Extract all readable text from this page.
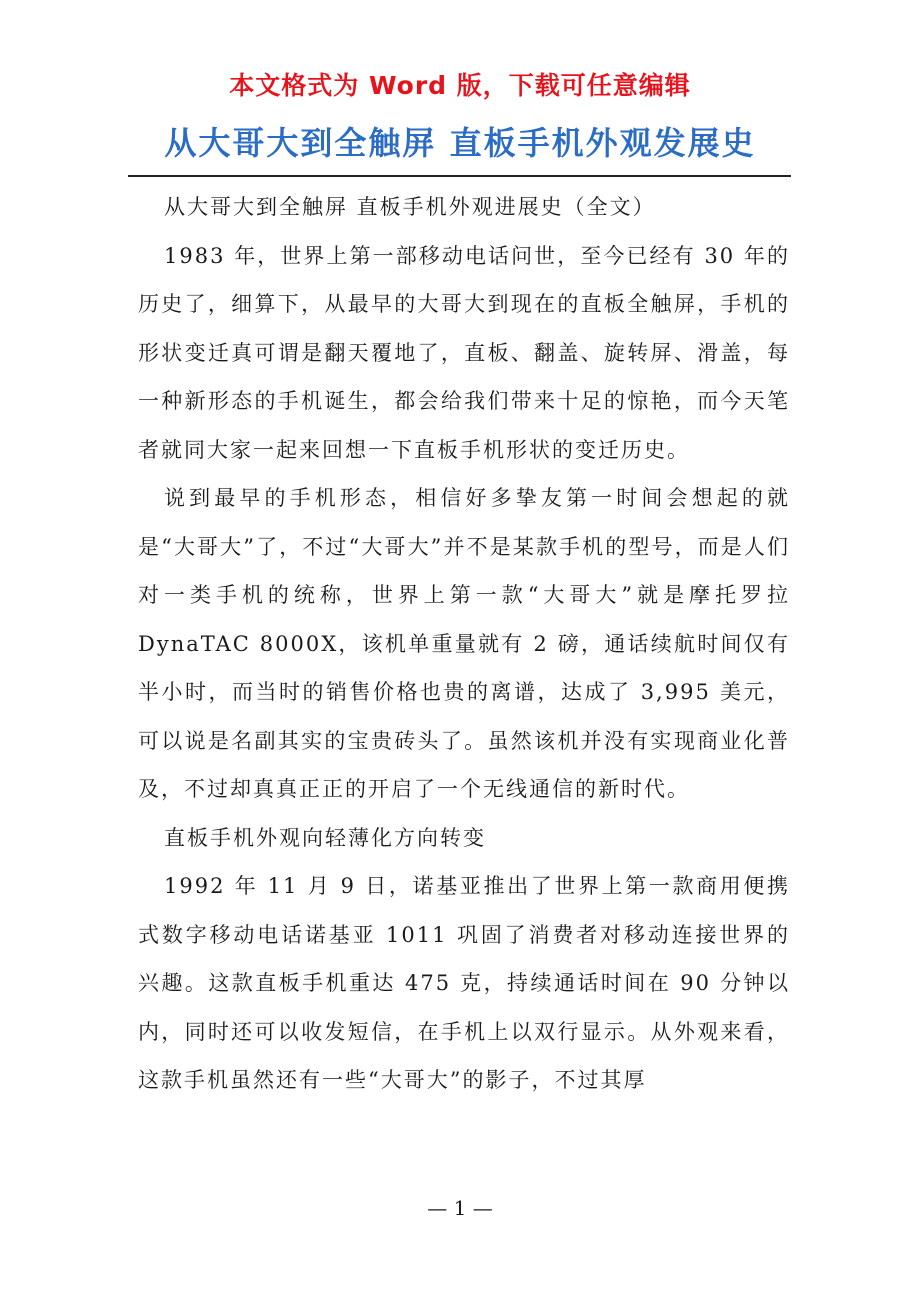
本文格式为 Word 版，下载可任意编辑
从大哥大到全触屏 直板手机外观发展史

从大哥大到全触屏 直板手机外观进展史（全文）

1983 年，世界上第一部移动电话问世，至今已经有 30 年的历史了，细算下，从最早的大哥大到现在的直板全触屏，手机的形状变迁真可谓是翻天覆地了，直板、翻盖、旋转屏、滑盖，每一种新形态的手机诞生，都会给我们带来十足的惊艳，而今天笔者就同大家一起来回想一下直板手机形状的变迁历史。

说到最早的手机形态，相信好多挚友第一时间会想起的就是“大哥大”了，不过“大哥大”并不是某款手机的型号，而是人们对一类手机的统称，世界上第一款“大哥大”就是摩托罗拉 DynaTAC 8000X，该机单重量就有 2 磅，通话续航时间仅有半小时，而当时的销售价格也贵的离谱，达成了 3,995 美元，可以说是名副其实的宝贵砖头了。虽然该机并没有实现商业化普及，不过却真真正正的开启了一个无线通信的新时代。

直板手机外观向轻薄化方向转变

1992 年 11 月 9 日，诺基亚推出了世界上第一款商用便携式数字移动电话诺基亚 1011 巩固了消费者对移动连接世界的兴趣。这款直板手机重达 475 克，持续通话时间在 90 分钟以内，同时还可以收发短信，在手机上以双行显示。从外观来看，这款手机虽然还有一些“大哥大”的影子，不过其厚

— 1 —
